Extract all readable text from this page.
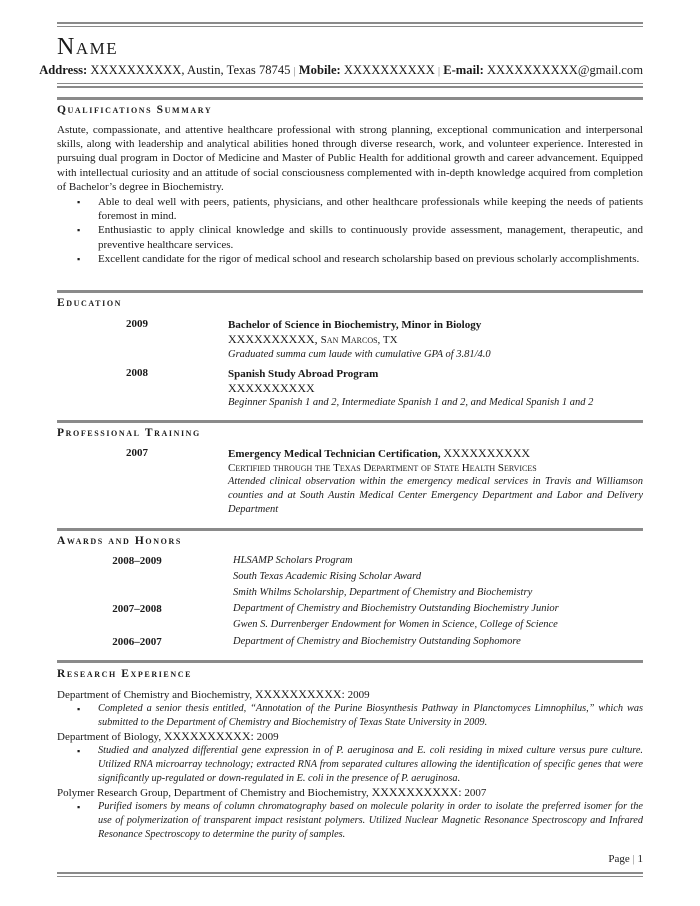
Name
Address: XXXXXXXXXX, Austin, Texas 78745 | Mobile: XXXXXXXXXX | E-mail: XXXXXXXXXX@gmail.com
Qualifications Summary
Astute, compassionate, and attentive healthcare professional with strong planning, exceptional communication and interpersonal skills, along with leadership and analytical abilities honed through diverse research, work, and volunteer experience. Interested in pursuing dual program in Doctor of Medicine and Master of Public Health for additional growth and career advancement. Equipped with intellectual curiosity and an attitude of social consciousness complemented with in-depth knowledge acquired from completion of Bachelor’s degree in Biochemistry.
▪ Able to deal well with peers, patients, physicians, and other healthcare professionals while keeping the needs of patients foremost in mind.
▪ Enthusiastic to apply clinical knowledge and skills to continuously provide assessment, management, therapeutic, and preventive healthcare services.
▪ Excellent candidate for the rigor of medical school and research scholarship based on previous scholarly accomplishments.
Education
2009	Bachelor of Science in Biochemistry, Minor in Biology
XXXXXXXXXX, San Marcos, TX
Graduated summa cum laude with cumulative GPA of 3.81/4.0
2008	Spanish Study Abroad Program
XXXXXXXXXX
Beginner Spanish 1 and 2, Intermediate Spanish 1 and 2, and Medical Spanish 1 and 2
Professional Training
2007	Emergency Medical Technician Certification, XXXXXXXXXX
Certified through the Texas Department of State Health Services
Attended clinical observation within the emergency medical services in Travis and Williamson counties and at South Austin Medical Center Emergency Department and Labor and Delivery Department
Awards and Honors
2008–2009	HLSAMP Scholars Program
South Texas Academic Rising Scholar Award
Smith Whilms Scholarship, Department of Chemistry and Biochemistry
2007–2008	Department of Chemistry and Biochemistry Outstanding Biochemistry Junior
Gwen S. Durrenberger Endowment for Women in Science, College of Science
2006–2007	Department of Chemistry and Biochemistry Outstanding Sophomore
Research Experience
Department of Chemistry and Biochemistry, XXXXXXXXXX: 2009
▪ Completed a senior thesis entitled, “Annotation of the Purine Biosynthesis Pathway in Planctomyces Limnophilus,” which was submitted to the Department of Chemistry and Biochemistry of Texas State University in 2009.
Department of Biology, XXXXXXXXXX: 2009
▪ Studied and analyzed differential gene expression in of P. aeruginosa and E. coli residing in mixed culture versus pure culture. Utilized RNA microarray technology; extracted RNA from separated cultures allowing the identification of specific genes that were significantly up-regulated or down-regulated in E. coli in the presence of P. aeruginosa.
Polymer Research Group, Department of Chemistry and Biochemistry, XXXXXXXXXX: 2007
▪ Purified isomers by means of column chromatography based on molecule polarity in order to isolate the preferred isomer for the use of polymerization of transparent impact resistant polymers. Utilized Nuclear Magnetic Resonance Spectroscopy and Infrared Resonance Spectroscopy to determine the purity of samples.
Page | 1
